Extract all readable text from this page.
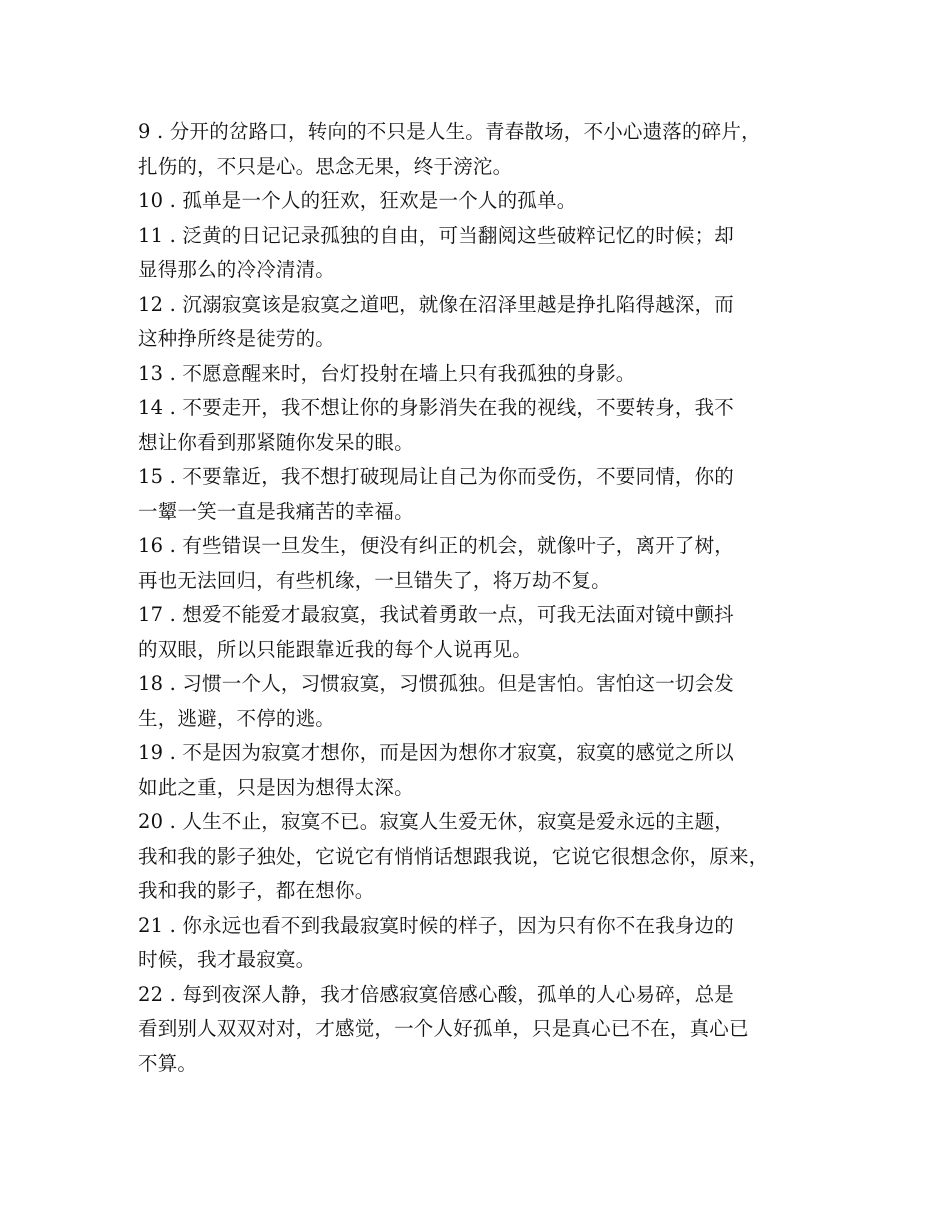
9 . 分开的岔路口，转向的不只是人生。青春散场，不小心遗落的碎片，
扎伤的，不只是心。思念无果，终于滂沱。

10 . 孤单是一个人的狂欢，狂欢是一个人的孤单。

11 . 泛黄的日记记录孤独的自由，可当翻阅这些破粹记忆的时候；却
显得那么的冷冷清清。

12 . 沉溺寂寞该是寂寞之道吧，就像在沼泽里越是挣扎陷得越深，而
这种挣所终是徒劳的。

13 . 不愿意醒来时，台灯投射在墙上只有我孤独的身影。

14 . 不要走开，我不想让你的身影消失在我的视线，不要转身，我不
想让你看到那紧随你发呆的眼。

15 . 不要靠近，我不想打破现局让自己为你而受伤，不要同情，你的
一颦一笑一直是我痛苦的幸福。

16 . 有些错误一旦发生，便没有纠正的机会，就像叶子，离开了树，
再也无法回归，有些机缘，一旦错失了，将万劫不复。

17 . 想爱不能爱才最寂寞，我试着勇敢一点，可我无法面对镜中颤抖
的双眼，所以只能跟靠近我的每个人说再见。

18 . 习惯一个人，习惯寂寞，习惯孤独。但是害怕。害怕这一切会发
生，逃避，不停的逃。

19 . 不是因为寂寞才想你，而是因为想你才寂寞，寂寞的感觉之所以
如此之重，只是因为想得太深。

20 . 人生不止，寂寞不已。寂寞人生爱无休，寂寞是爱永远的主题，
我和我的影子独处，它说它有悄悄话想跟我说，它说它很想念你，原来，
我和我的影子，都在想你。

21 . 你永远也看不到我最寂寞时候的样子，因为只有你不在我身边的
时候，我才最寂寞。

22 . 每到夜深人静，我才倍感寂寞倍感心酸，孤单的人心易碎，总是
看到别人双双对对，才感觉，一个人好孤单，只是真心已不在，真心已
不算。
